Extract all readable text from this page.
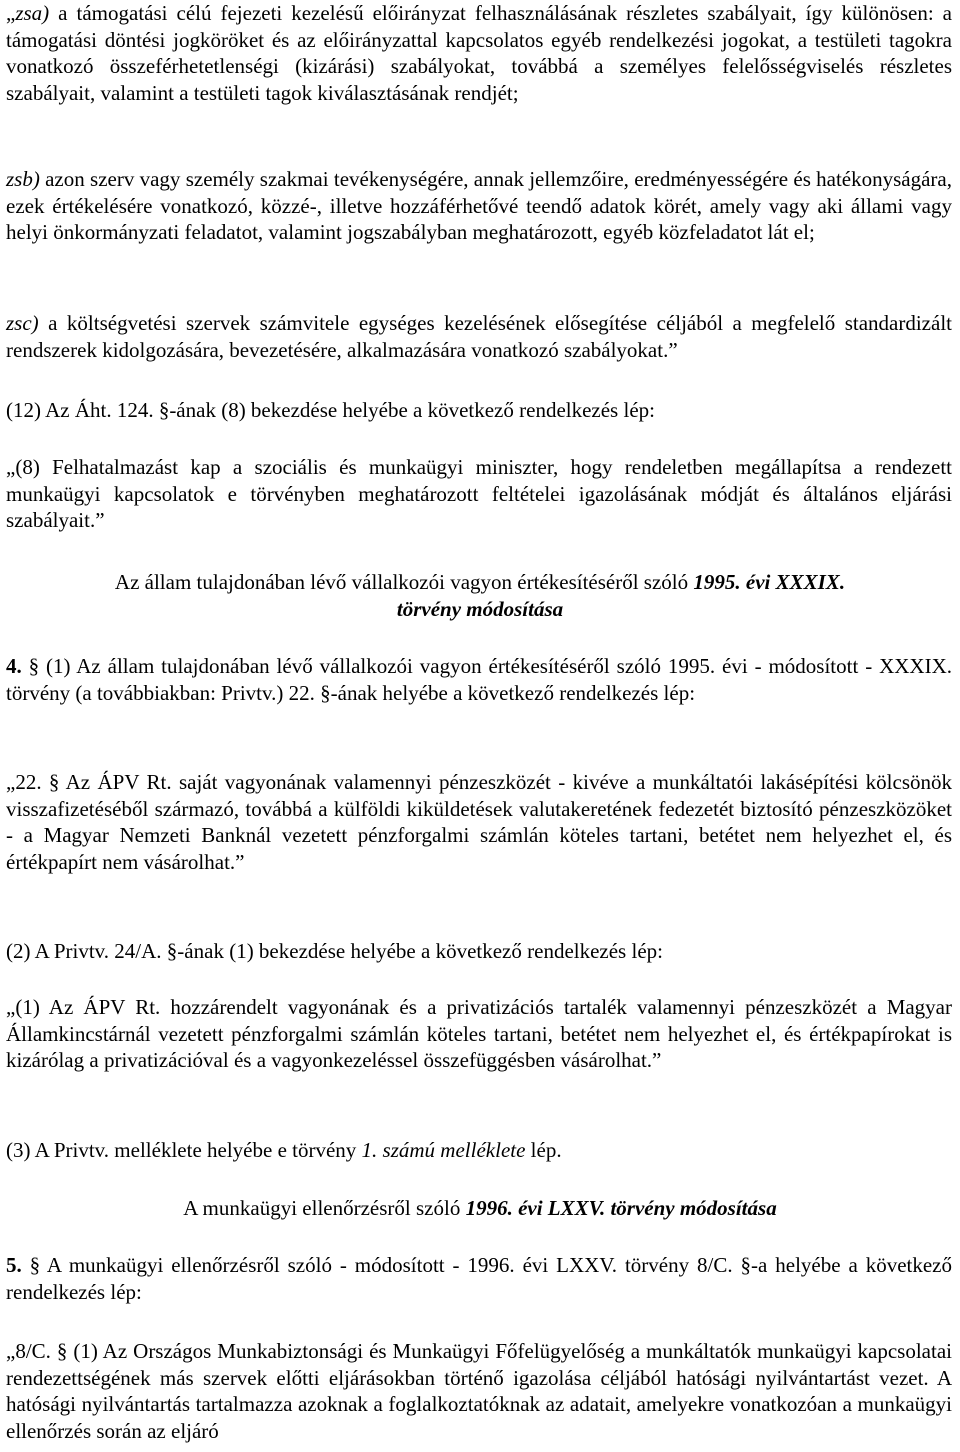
„zsa) a támogatási célú fejezeti kezelésű előirányzat felhasználásának részletes szabályait, így különösen: a támogatási döntési jogköröket és az előirányzattal kapcsolatos egyéb rendelkezési jogokat, a testületi tagokra vonatkozó összeférhetetlenségi (kizárási) szabályokat, továbbá a személyes felelősségviselés részletes szabályait, valamint a testületi tagok kiválasztásának rendjét;

zsb) azon szerv vagy személy szakmai tevékenységére, annak jellemzőire, eredményességére és hatékonyságára, ezek értékelésére vonatkozó, közzé-, illetve hozzáférhetővé teendő adatok körét, amely vagy aki állami vagy helyi önkormányzati feladatot, valamint jogszabályban meghatározott, egyéb közfeladatot lát el;

zsc) a költségvetési szervek számvitele egységes kezelésének elősegítése céljából a megfelelő standardizált rendszerek kidolgozására, bevezetésére, alkalmazására vonatkozó szabályokat.”

(12) Az Áht. 124. §-ának (8) bekezdése helyébe a következő rendelkezés lép:

„(8) Felhatalmazást kap a szociális és munkaügyi miniszter, hogy rendeletben megállapítsa a rendezett munkaügyi kapcsolatok e törvényben meghatározott feltételei igazolásának módját és általános eljárási szabályait.”

Az állam tulajdonában lévő vállalkozói vagyon értékesítéséről szóló 1995. évi XXXIX.
törvény módosítása

4. § (1) Az állam tulajdonában lévő vállalkozói vagyon értékesítéséről szóló 1995. évi - módosított - XXXIX. törvény (a továbbiakban: Privtv.) 22. §-ának helyébe a következő rendelkezés lép:

„22. § Az ÁPV Rt. saját vagyonának valamennyi pénzeszközét - kivéve a munkáltatói lakásépítési kölcsönök visszafizetéséből származó, továbbá a külföldi kiküldetések valutakeretének fedezetét biztosító pénzeszközöket - a Magyar Nemzeti Banknál vezetett pénzforgalmi számlán köteles tartani, betétet nem helyezhet el, és értékpapírt nem vásárolhat.”

(2) A Privtv. 24/A. §-ának (1) bekezdése helyébe a következő rendelkezés lép:

„(1) Az ÁPV Rt. hozzárendelt vagyonának és a privatizációs tartalék valamennyi pénzeszközét a Magyar Államkincstárnál vezetett pénzforgalmi számlán köteles tartani, betétet nem helyezhet el, és értékpapírokat is kizárólag a privatizációval és a vagyonkezeléssel összefüggésben vásárolhat.”

(3) A Privtv. melléklete helyébe e törvény 1. számú melléklete lép.

A munkaügyi ellenőrzésről szóló 1996. évi LXXV. törvény módosítása

5. § A munkaügyi ellenőrzésről szóló - módosított - 1996. évi LXXV. törvény 8/C. §-a helyébe a következő rendelkezés lép:

„8/C. § (1) Az Országos Munkabiztonsági és Munkaügyi Főfelügyelőség a munkáltatók munkaügyi kapcsolatai rendezettségének más szervek előtti eljárásokban történő igazolása céljából hatósági nyilvántartást vezet. A hatósági nyilvántartás tartalmazza azoknak a foglalkoztatóknak az adatait, amelyekre vonatkozóan a munkaügyi ellenőrzés során az eljáró
